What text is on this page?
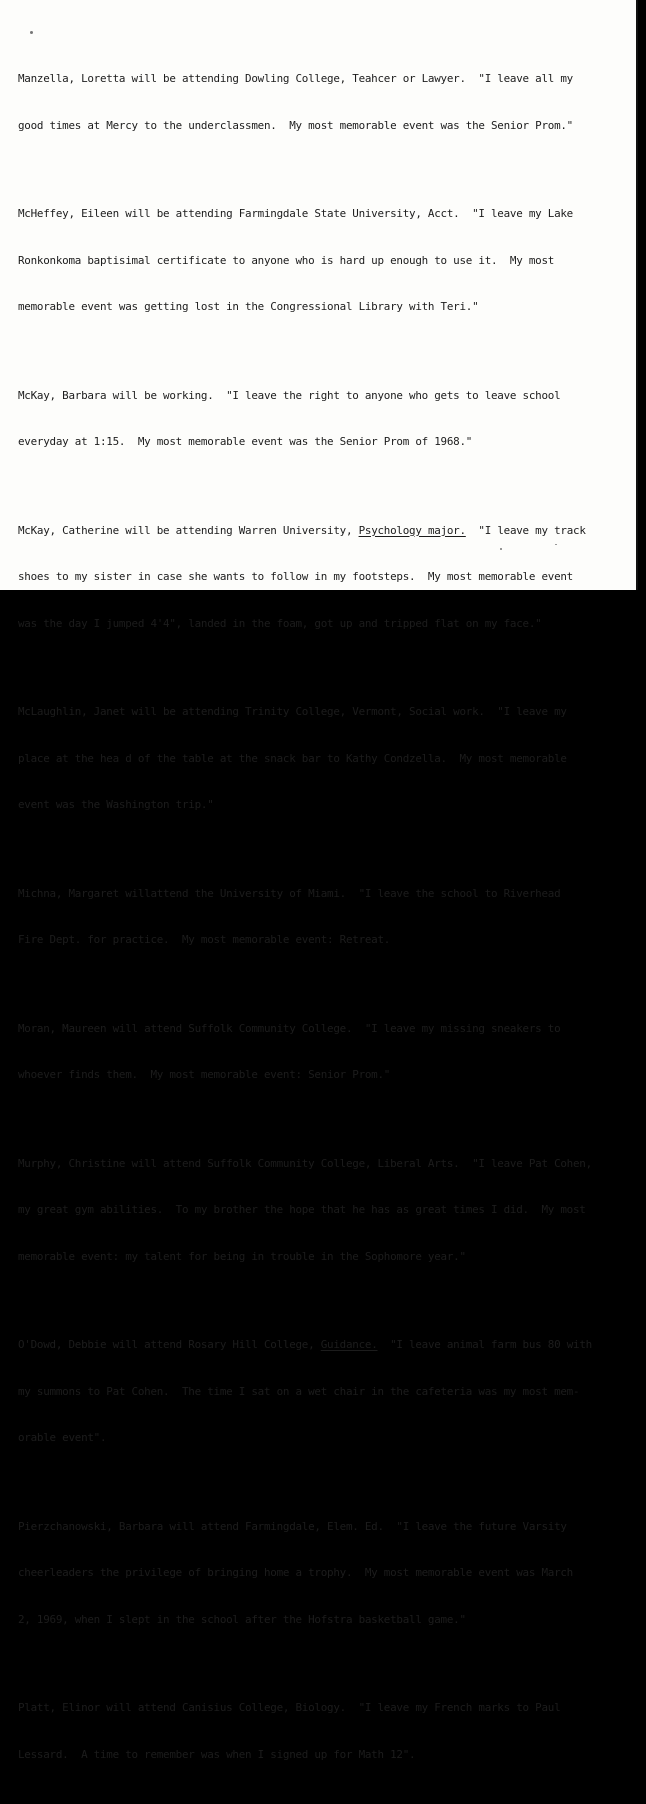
Manzella, Loretta will be attending Dowling College, Teahcer or Lawyer.  "I leave all my

good times at Mercy to the underclassmen.  My most memorable event was the Senior Prom."

McHeffey, Eileen will be attending Farmingdale State University, Acct.  "I leave my Lake

Ronkonkoma baptisimal certificate to anyone who is hard up enough to use it.  My most

memorable event was getting lost in the Congressional Library with Teri."

McKay, Barbara will be working.  "I leave the right to anyone who gets to leave school

everyday at 1:15.  My most memorable event was the Senior Prom of 1968."

McKay, Catherine will be attending Warren University, Psychology major.  "I leave my track

shoes to my sister in case she wants to follow in my footsteps.  My most memorable event

was the day I jumped 4'4", landed in the foam, got up and tripped flat on my face."

McLaughlin, Janet will be attending Trinity College, Vermont, Social work.  "I leave my

place at the hea d of the table at the snack bar to Kathy Condzella.  My most memorable

event was the Washington trip."

Michna, Margaret willattend the University of Miami.  "I leave the school to Riverhead

Fire Dept. for practice.  My most memorable event: Retreat.

Moran, Maureen will attend Suffolk Community College.  "I leave my missing sneakers to

whoever finds them.  My most memorable event: Senior Prom."

Murphy, Christine will attend Suffolk Community College, Liberal Arts.  "I leave Pat Cohen,

my great gym abilities.  To my brother the hope that he has as great times I did.  My most

memorable event: my talent for being in trouble in the Sophomore year."

O'Dowd, Debbie will attend Rosary Hill College, Guidance.  "I leave animal farm bus 80 with

my summons to Pat Cohen.  The time I sat on a wet chair in the cafeteria was my most mem-

orable event".

Pierzchanowski, Barbara will attend Farmingdale, Elem. Ed.  "I leave the future Varsity

cheerleaders the privilege of bringing home a trophy.  My most memorable event was March

2, 1969, when I slept in the school after the Hofstra basketball game."

Platt, Elinor will attend Canisius College, Biology.  "I leave my French marks to Paul

Lessard.  A time to remember was when I signed up for Math 12".
